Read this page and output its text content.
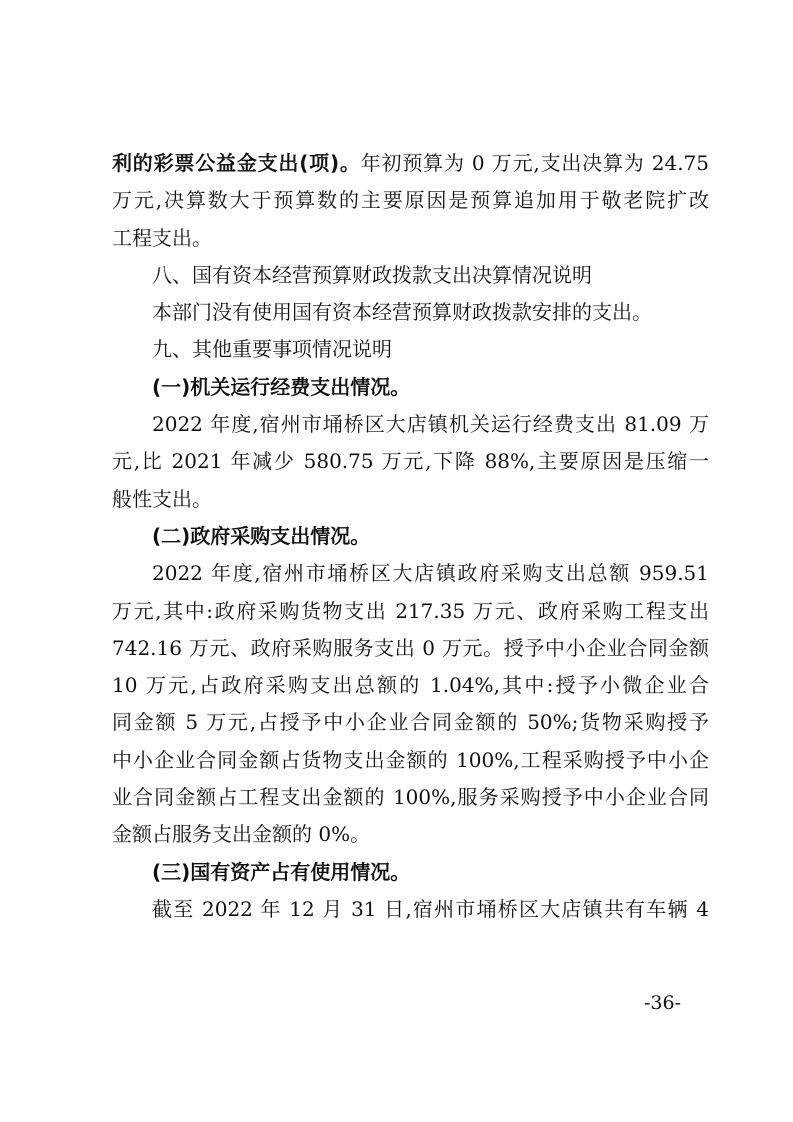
利的彩票公益金支出(项)。年初预算为 0 万元,支出决算为 24.75
万元,决算数大于预算数的主要原因是预算追加用于敬老院扩改
工程支出。
八、国有资本经营预算财政拨款支出决算情况说明
本部门没有使用国有资本经营预算财政拨款安排的支出。
九、其他重要事项情况说明
(一)机关运行经费支出情况。
2022 年度,宿州市埇桥区大店镇机关运行经费支出 81.09 万
元,比 2021 年减少 580.75 万元,下降 88%,主要原因是压缩一
般性支出。
(二)政府采购支出情况。
2022 年度,宿州市埇桥区大店镇政府采购支出总额 959.51
万元,其中:政府采购货物支出 217.35 万元、政府采购工程支出
742.16 万元、政府采购服务支出 0 万元。授予中小企业合同金额
10 万元,占政府采购支出总额的 1.04%,其中:授予小微企业合
同金额 5 万元,占授予中小企业合同金额的 50%;货物采购授予
中小企业合同金额占货物支出金额的 100%,工程采购授予中小企
业合同金额占工程支出金额的 100%,服务采购授予中小企业合同
金额占服务支出金额的 0%。
(三)国有资产占有使用情况。
截至 2022 年 12 月 31 日,宿州市埇桥区大店镇共有车辆 4
-36-
